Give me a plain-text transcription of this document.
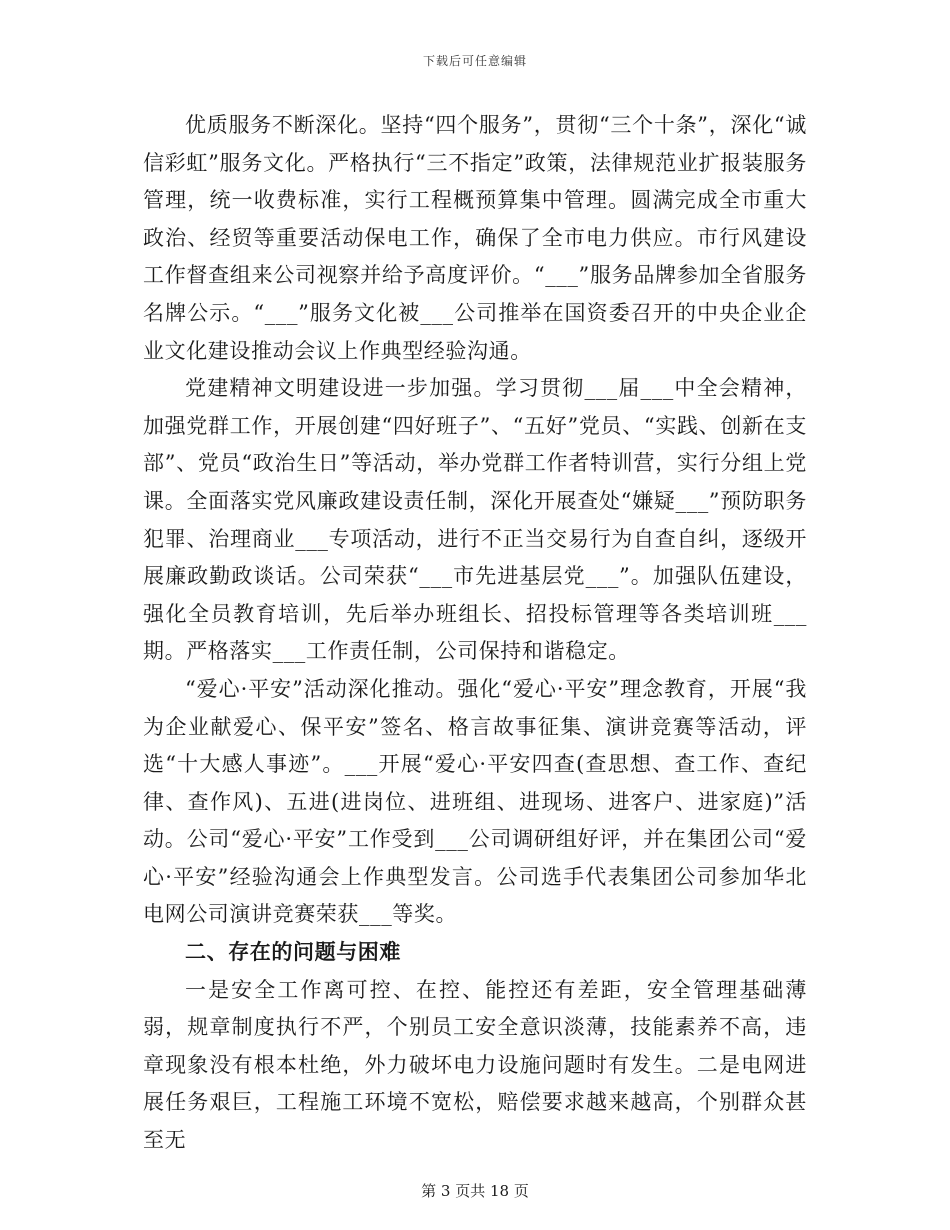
下载后可任意编辑

优质服务不断深化。坚持“四个服务”，贯彻“三个十条”，深化“诚信彩虹”服务文化。严格执行“三不指定”政策，法律规范业扩报装服务管理，统一收费标准，实行工程概预算集中管理。圆满完成全市重大政治、经贸等重要活动保电工作，确保了全市电力供应。市行风建设工作督查组来公司视察并给予高度评价。“___”服务品牌参加全省服务名牌公示。“___”服务文化被___公司推举在国资委召开的中央企业企业文化建设推动会议上作典型经验沟通。

党建精神文明建设进一步加强。学习贯彻___届___中全会精神，加强党群工作，开展创建“四好班子”、“五好”党员、“实践、创新在支部”、党员“政治生日”等活动，举办党群工作者特训营，实行分组上党课。全面落实党风廉政建设责任制，深化开展查处“嫌疑___”预防职务犯罪、治理商业___专项活动，进行不正当交易行为自查自纠，逐级开展廉政勤政谈话。公司荣获“___市先进基层党___”。加强队伍建设，强化全员教育培训，先后举办班组长、招投标管理等各类培训班___期。严格落实___工作责任制，公司保持和谐稳定。

“爱心·平安”活动深化推动。强化“爱心·平安”理念教育，开展“我为企业献爱心、保平安”签名、格言故事征集、演讲竞赛等活动，评选“十大感人事迹”。___开展“爱心·平安四查(查思想、查工作、查纪律、查作风)、五进(进岗位、进班组、进现场、进客户、进家庭)”活动。公司“爱心·平安”工作受到___公司调研组好评，并在集团公司“爱心·平安”经验沟通会上作典型发言。公司选手代表集团公司参加华北电网公司演讲竞赛荣获___等奖。

二、存在的问题与困难

一是安全工作离可控、在控、能控还有差距，安全管理基础薄弱，规章制度执行不严，个别员工安全意识淡薄，技能素养不高，违章现象没有根本杜绝，外力破坏电力设施问题时有发生。二是电网进展任务艰巨，工程施工环境不宽松，赔偿要求越来越高，个别群众甚至无

第 3 页共 18 页
